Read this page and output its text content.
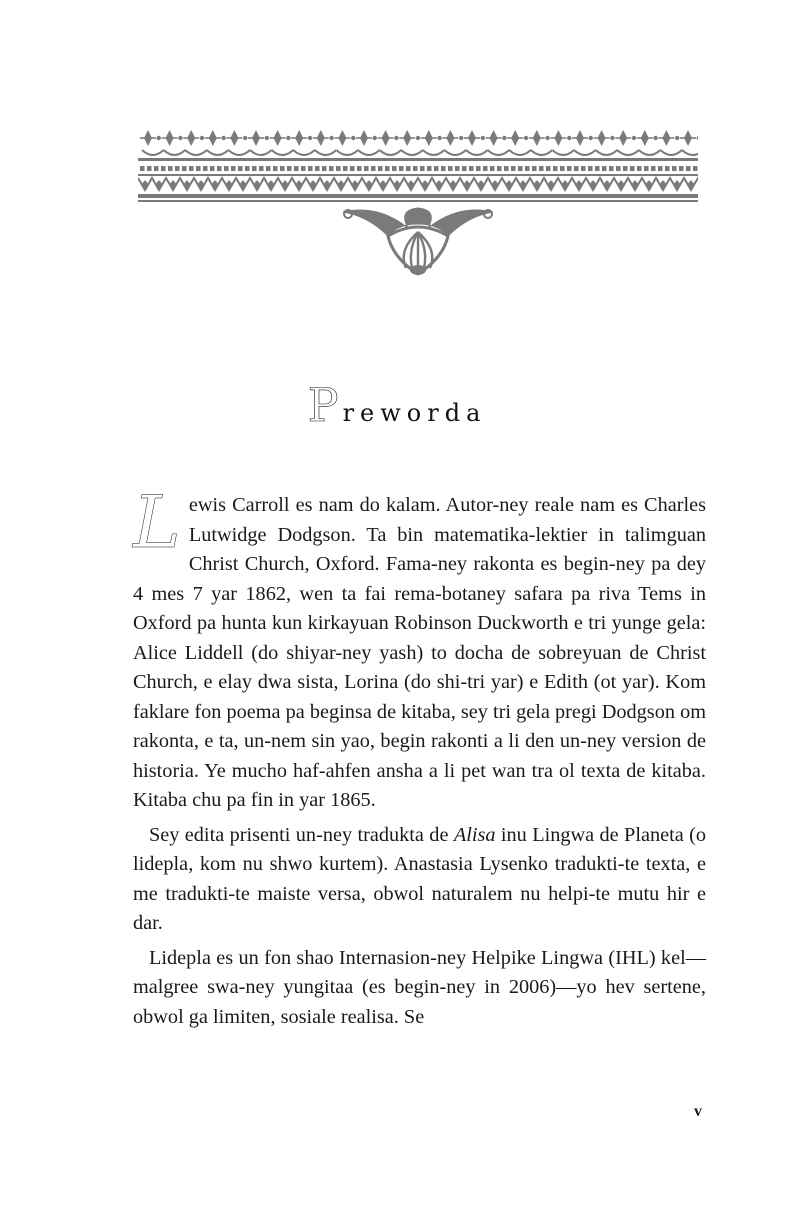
Preworda

Lewis Carroll es nam do kalam. Autor-ney reale nam es Charles Lutwidge Dodgson. Ta bin matematika-lektier in talimguan Christ Church, Oxford. Fama-ney rakonta es begin-ney pa dey 4 mes 7 yar 1862, wen ta fai rema-botaney safara pa riva Tems in Oxford pa hunta kun kirkayuan Robinson Duckworth e tri yunge gela: Alice Liddell (do shiyar-ney yash) to docha de sobreyuan de Christ Church, e elay dwa sista, Lorina (do shi-tri yar) e Edith (ot yar). Kom faklare fon poema pa beginsa de kitaba, sey tri gela pregi Dodgson om rakonta, e ta, un-nem sin yao, begin rakonti a li den un-ney version de historia. Ye mucho haf-ahfen ansha a li pet wan tra ol texta de kitaba. Kitaba chu pa fin in yar 1865.

Sey edita prisenti un-ney tradukta de Alisa inu Lingwa de Planeta (o lidepla, kom nu shwo kurtem). Anastasia Lysenko tradukti-te texta, e me tradukti-te maiste versa, obwol naturalem nu helpi-te mutu hir e dar.

Lidepla es un fon shao Internasion-ney Helpike Lingwa (IHL) kel—malgree swa-ney yungitaa (es begin-ney in 2006)—yo hev sertene, obwol ga limiten, sosiale realisa. Se

v
